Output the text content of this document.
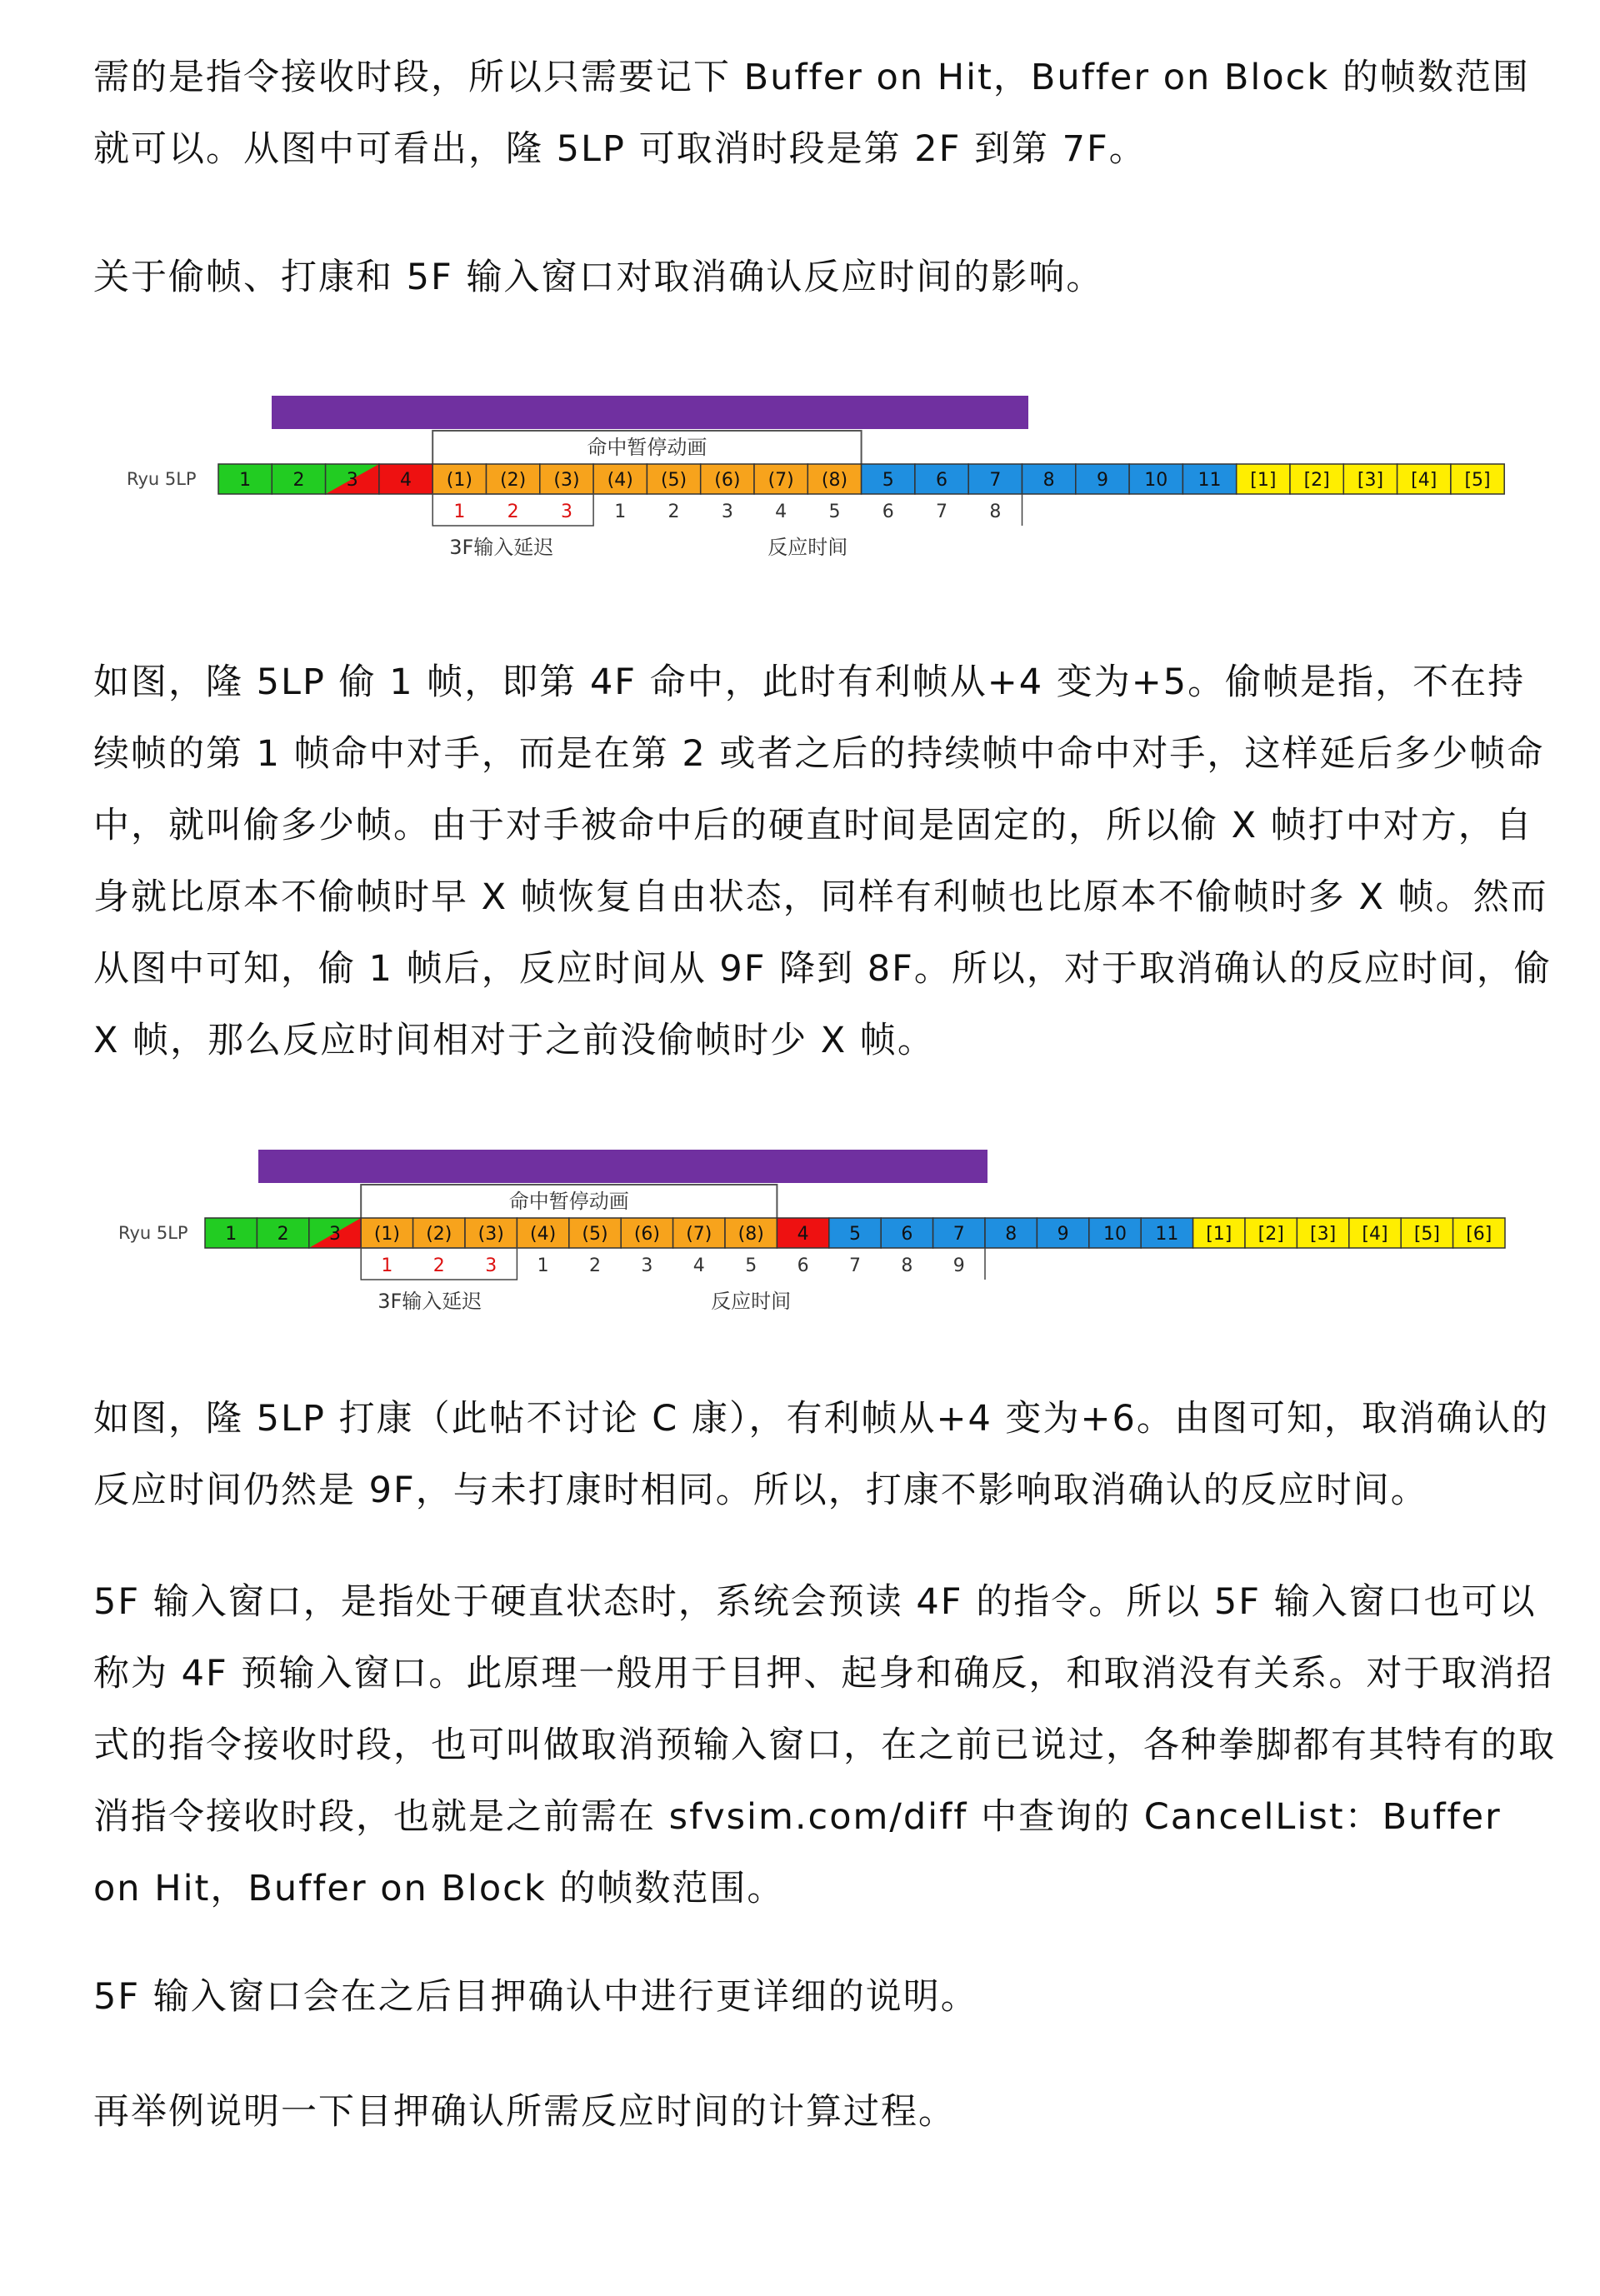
需的是指令接收时段，所以只需要记下 Buffer on Hit，Buffer on Block 的帧数范围就可以。从图中可看出，隆 5LP 可取消时段是第 2F 到第 7F。

关于偷帧、打康和 5F 输入窗口对取消确认反应时间的影响。

命中暂停动画
Ryu 5LP 1 2 3 4 (1) (2) (3) (4) (5) (6) (7) (8) 5 6 7 8 9 10 11 [1] [2] [3] [4] [5]
1 2 3
3F输入延迟
1 2 3 4 5 6 7 8
反应时间

如图，隆 5LP 偷 1 帧，即第 4F 命中，此时有利帧从+4 变为+5。偷帧是指，不在持续帧的第 1 帧命中对手，而是在第 2 或者之后的持续帧中命中对手，这样延后多少帧命中，就叫偷多少帧。由于对手被命中后的硬直时间是固定的，所以偷 X 帧打中对方，自身就比原本不偷帧时早 X 帧恢复自由状态，同样有利帧也比原本不偷帧时多 X 帧。然而从图中可知，偷 1 帧后，反应时间从 9F 降到 8F。所以，对于取消确认的反应时间，偷 X 帧，那么反应时间相对于之前没偷帧时少 X 帧。

命中暂停动画
Ryu 5LP 1 2 3 (1) (2) (3) (4) (5) (6) (7) (8) 4 5 6 7 8 9 10 11 [1] [2] [3] [4] [5] [6]
1 2 3
3F输入延迟
1 2 3 4 5 6 7 8 9
反应时间

如图，隆 5LP 打康（此帖不讨论 C 康），有利帧从+4 变为+6。由图可知，取消确认的反应时间仍然是 9F，与未打康时相同。所以，打康不影响取消确认的反应时间。

5F 输入窗口，是指处于硬直状态时，系统会预读 4F 的指令。所以 5F 输入窗口也可以称为 4F 预输入窗口。此原理一般用于目押、起身和确反，和取消没有关系。对于取消招式的指令接收时段，也可叫做取消预输入窗口，在之前已说过，各种拳脚都有其特有的取消指令接收时段，也就是之前需在 sfvsim.com/diff 中查询的 CancelList：Buffer on Hit，Buffer on Block 的帧数范围。

5F 输入窗口会在之后目押确认中进行更详细的说明。

再举例说明一下目押确认所需反应时间的计算过程。
